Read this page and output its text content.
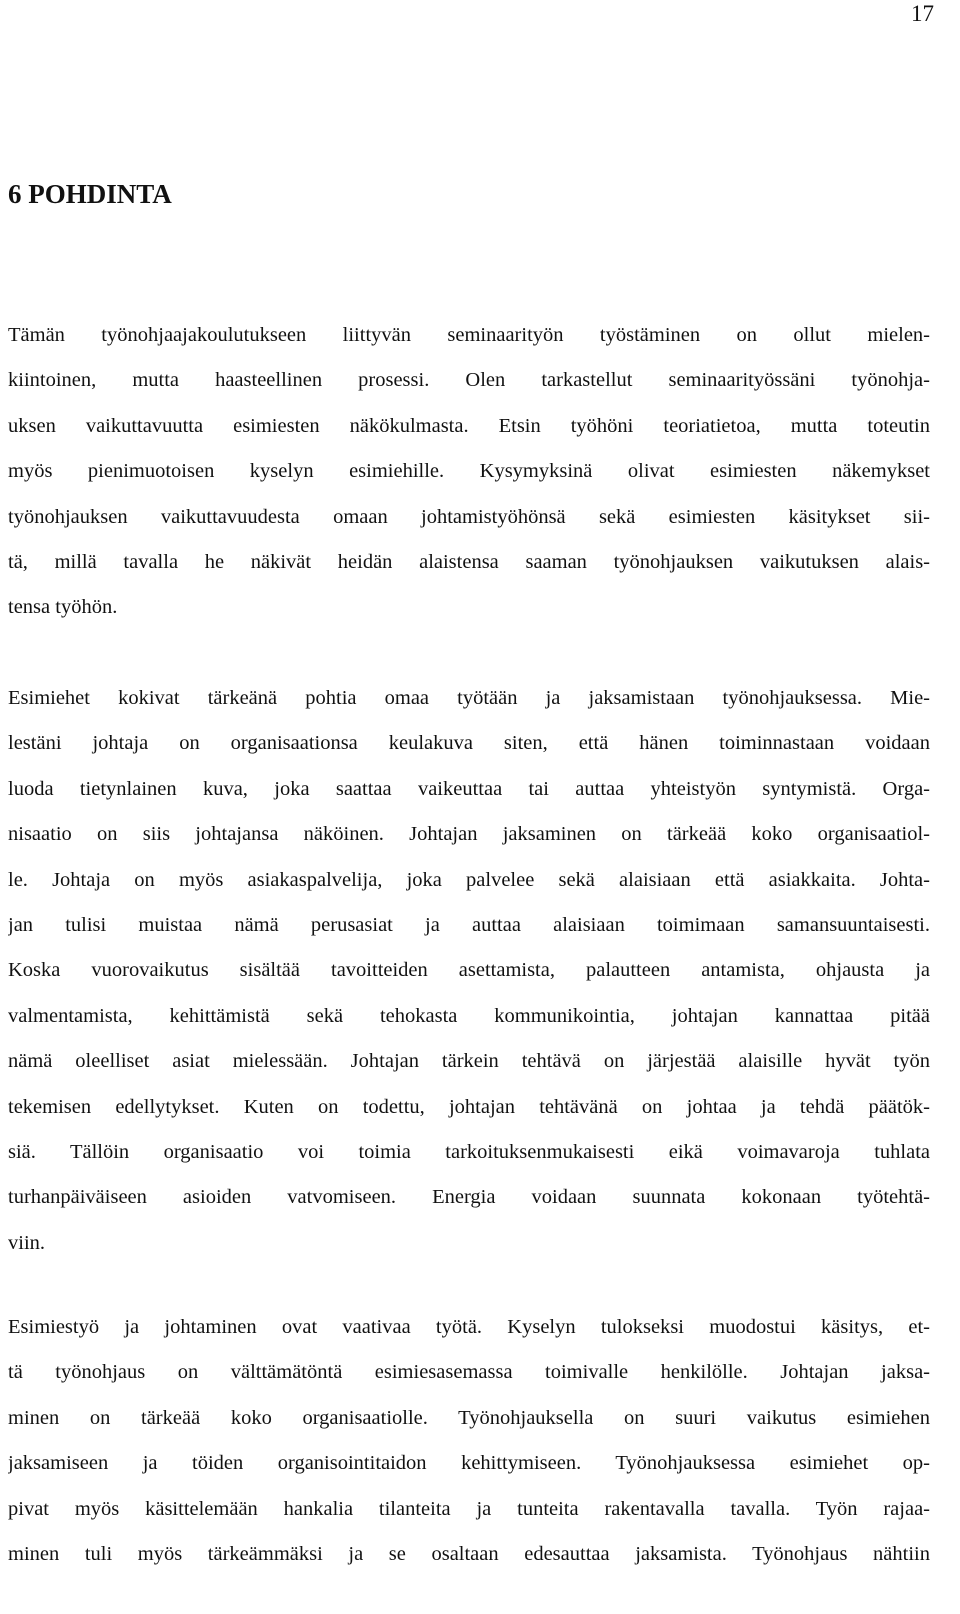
17
6 POHDINTA
Tämän työnohjaajakoulutukseen liittyvän seminaarityön työstäminen on ollut mielen-
kiintoinen, mutta haasteellinen prosessi. Olen tarkastellut seminaarityössäni työnohja-
uksen vaikuttavuutta esimiesten näkökulmasta. Etsin työhöni teoriatietoa, mutta toteutin
myös pienimuotoisen kyselyn esimiehille. Kysymyksinä olivat esimiesten näkemykset
työnohjauksen vaikuttavuudesta omaan johtamistyöhönsä sekä esimiesten käsitykset sii-
tä, millä tavalla he näkivät heidän alaistensa saaman työnohjauksen vaikutuksen alais-
tensa työhön.
Esimiehet kokivat tärkeänä pohtia omaa työtään ja jaksamistaan työnohjauksessa. Mie-
lestäni johtaja on organisaationsa keulakuva siten, että hänen toiminnastaan voidaan
luoda tietynlainen kuva, joka saattaa vaikeuttaa tai auttaa yhteistyön syntymistä. Orga-
nisaatio on siis johtajansa näköinen. Johtajan jaksaminen on tärkeää koko organisaatiol-
le. Johtaja on myös asiakaspalvelija, joka palvelee sekä alaisiaan että asiakkaita. Johta-
jan tulisi muistaa nämä perusasiat ja auttaa alaisiaan toimimaan samansuuntaisesti.
Koska vuorovaikutus sisältää tavoitteiden asettamista, palautteen antamista, ohjausta ja
valmentamista, kehittämistä sekä tehokasta kommunikointia, johtajan kannattaa pitää
nämä oleelliset asiat mielessään. Johtajan tärkein tehtävä on järjestää alaisille hyvät työn
tekemisen edellytykset. Kuten on todettu, johtajan tehtävänä on johtaa ja tehdä päätök-
siä. Tällöin organisaatio voi toimia tarkoituksenmukaisesti eikä voimavaroja tuhlata
turhanpäiväiseen asioiden vatvomiseen. Energia voidaan suunnata kokonaan työtehtä-
viin.
Esimiestyö ja johtaminen ovat vaativaa työtä. Kyselyn tulokseksi muodostui käsitys, et-
tä työnohjaus on välttämätöntä esimiesasemassa toimivalle henkilölle. Johtajan jaksa-
minen on tärkeää koko organisaatiolle. Työnohjauksella on suuri vaikutus esimiehen
jaksamiseen ja töiden organisointitaidon kehittymiseen. Työnohjauksessa esimiehet op-
pivat myös käsittelemään hankalia tilanteita ja tunteita rakentavalla tavalla. Työn rajaa-
minen tuli myös tärkeämmäksi ja se osaltaan edesauttaa jaksamista. Työnohjaus nähtiin
